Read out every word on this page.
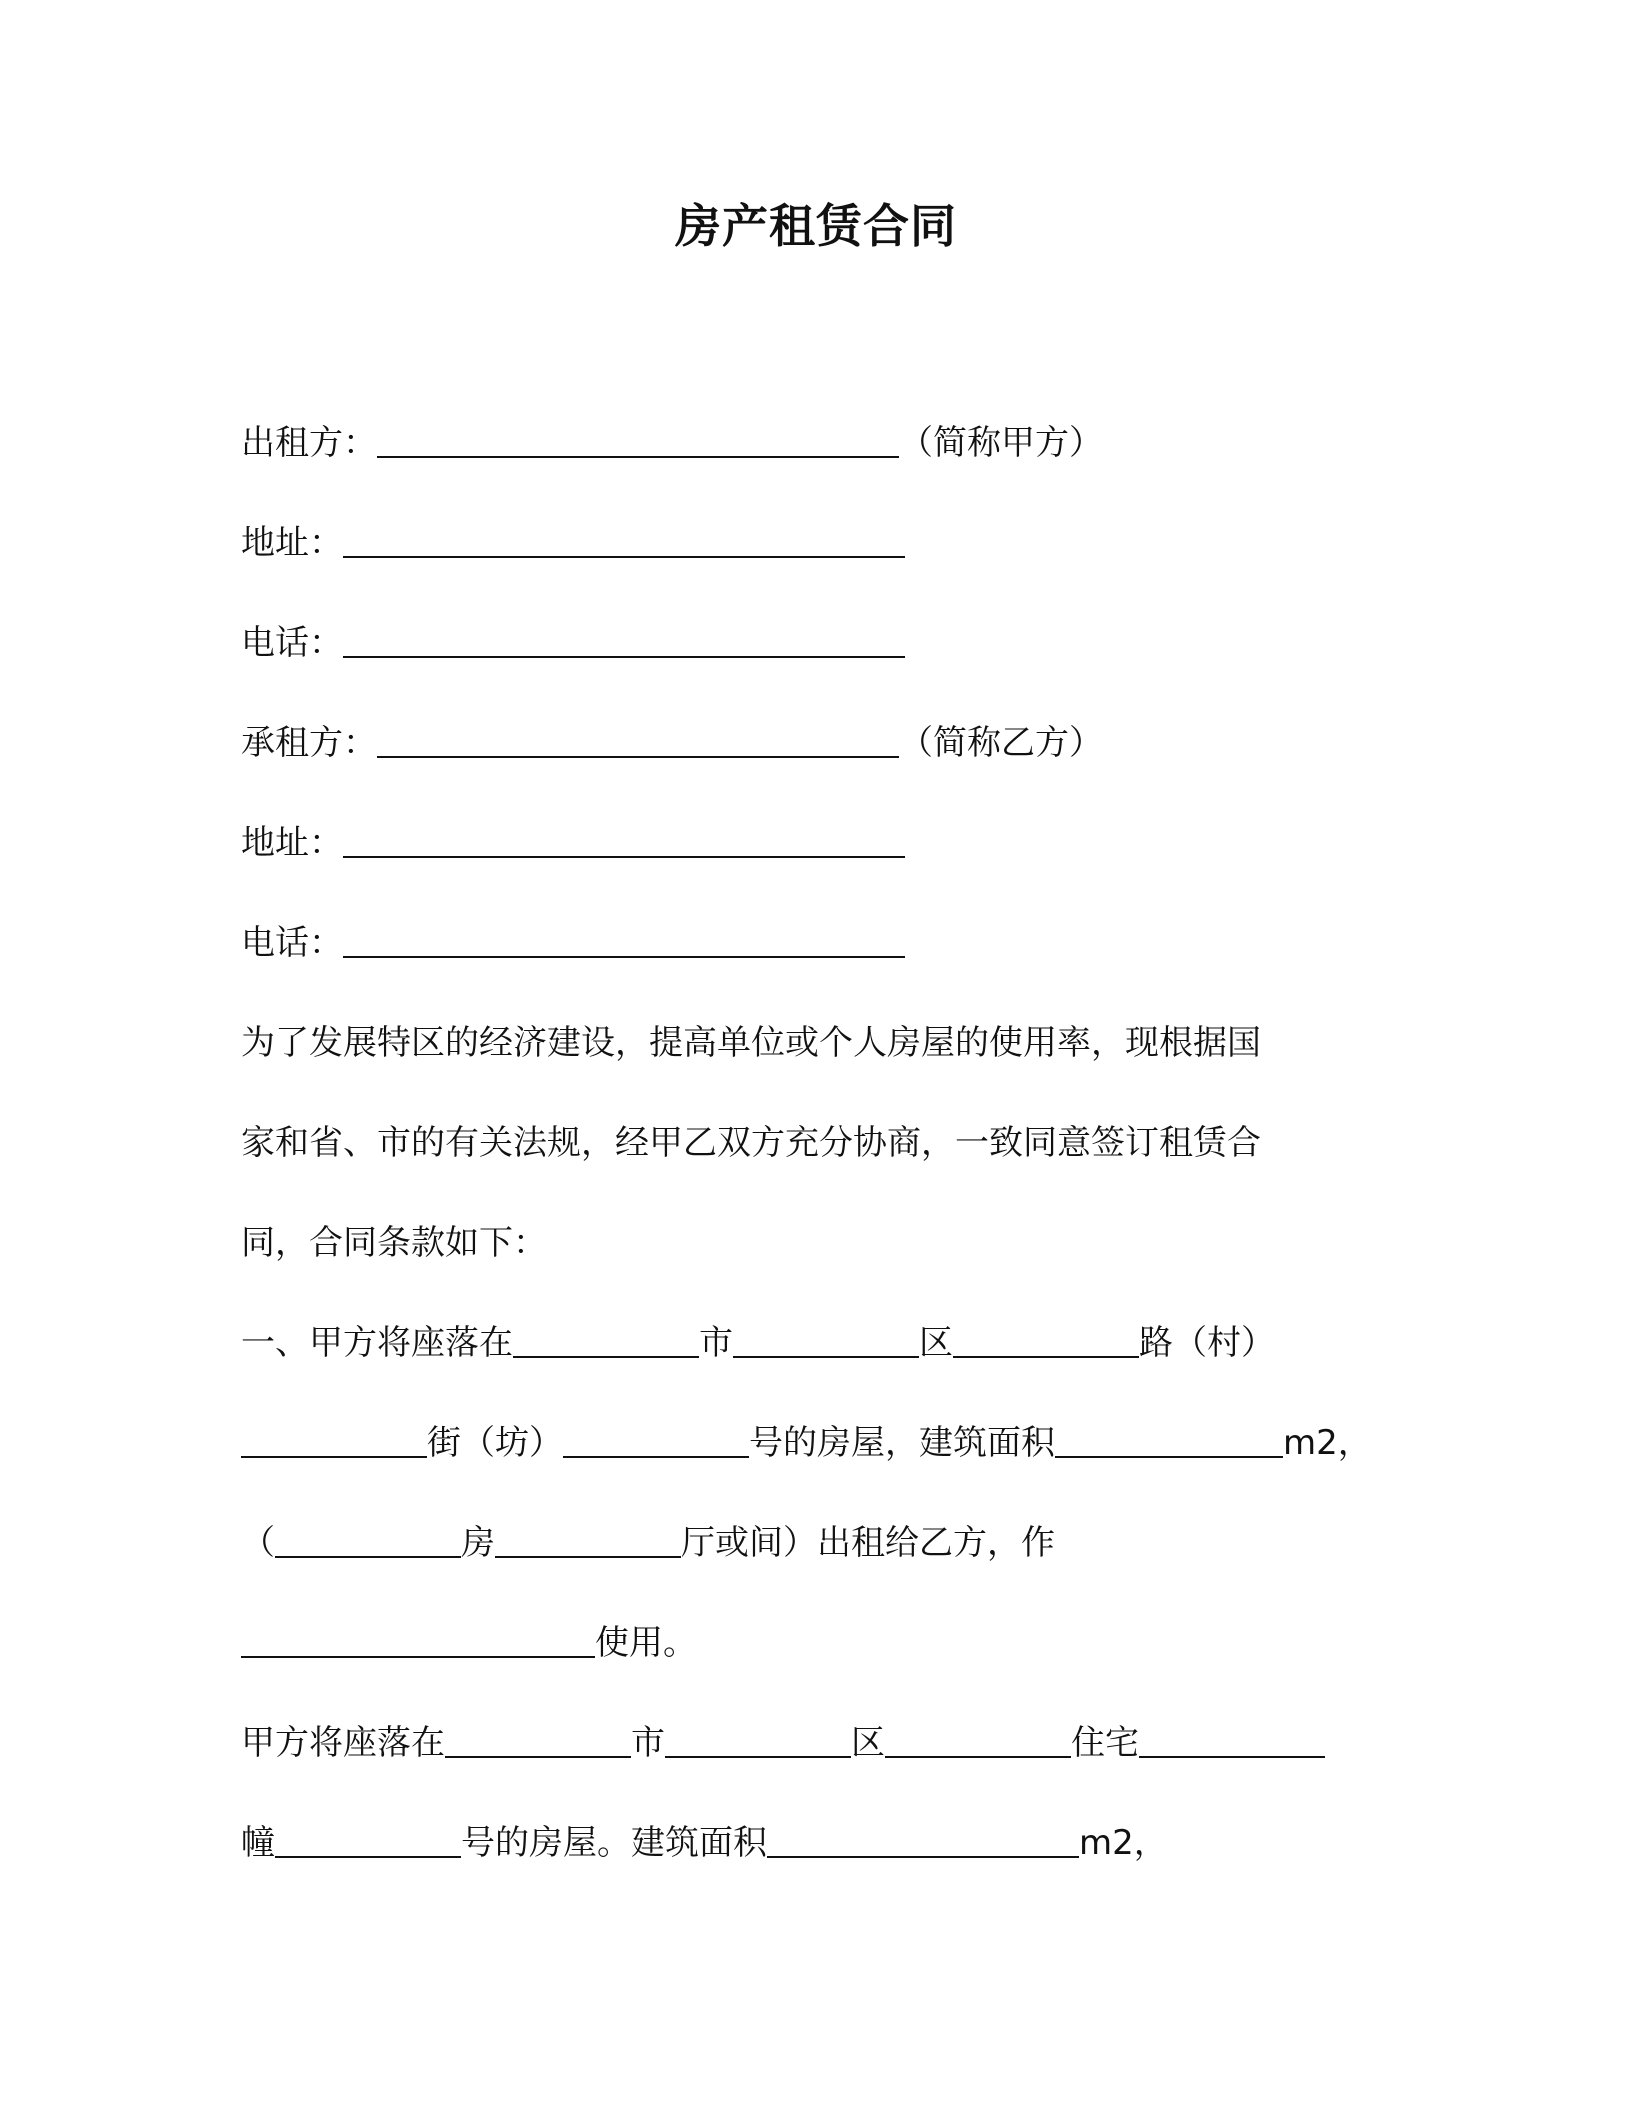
房产租赁合同
出租方：	（简称甲方）
地址：
电话：
承租方：	（简称乙方）
地址：
电话：
为了发展特区的经济建设，提高单位或个人房屋的使用率，现根据国
家和省、市的有关法规，经甲乙双方充分协商，一致同意签订租赁合
同，合同条款如下：
一、甲方将座落在	市	区	路（村）
街（坊）	号的房屋，建筑面积	m2，
（	房	厅或间）出租给乙方，作
使用。
甲方将座落在	市	区	住宅
幢	号的房屋。建筑面积	m2，
